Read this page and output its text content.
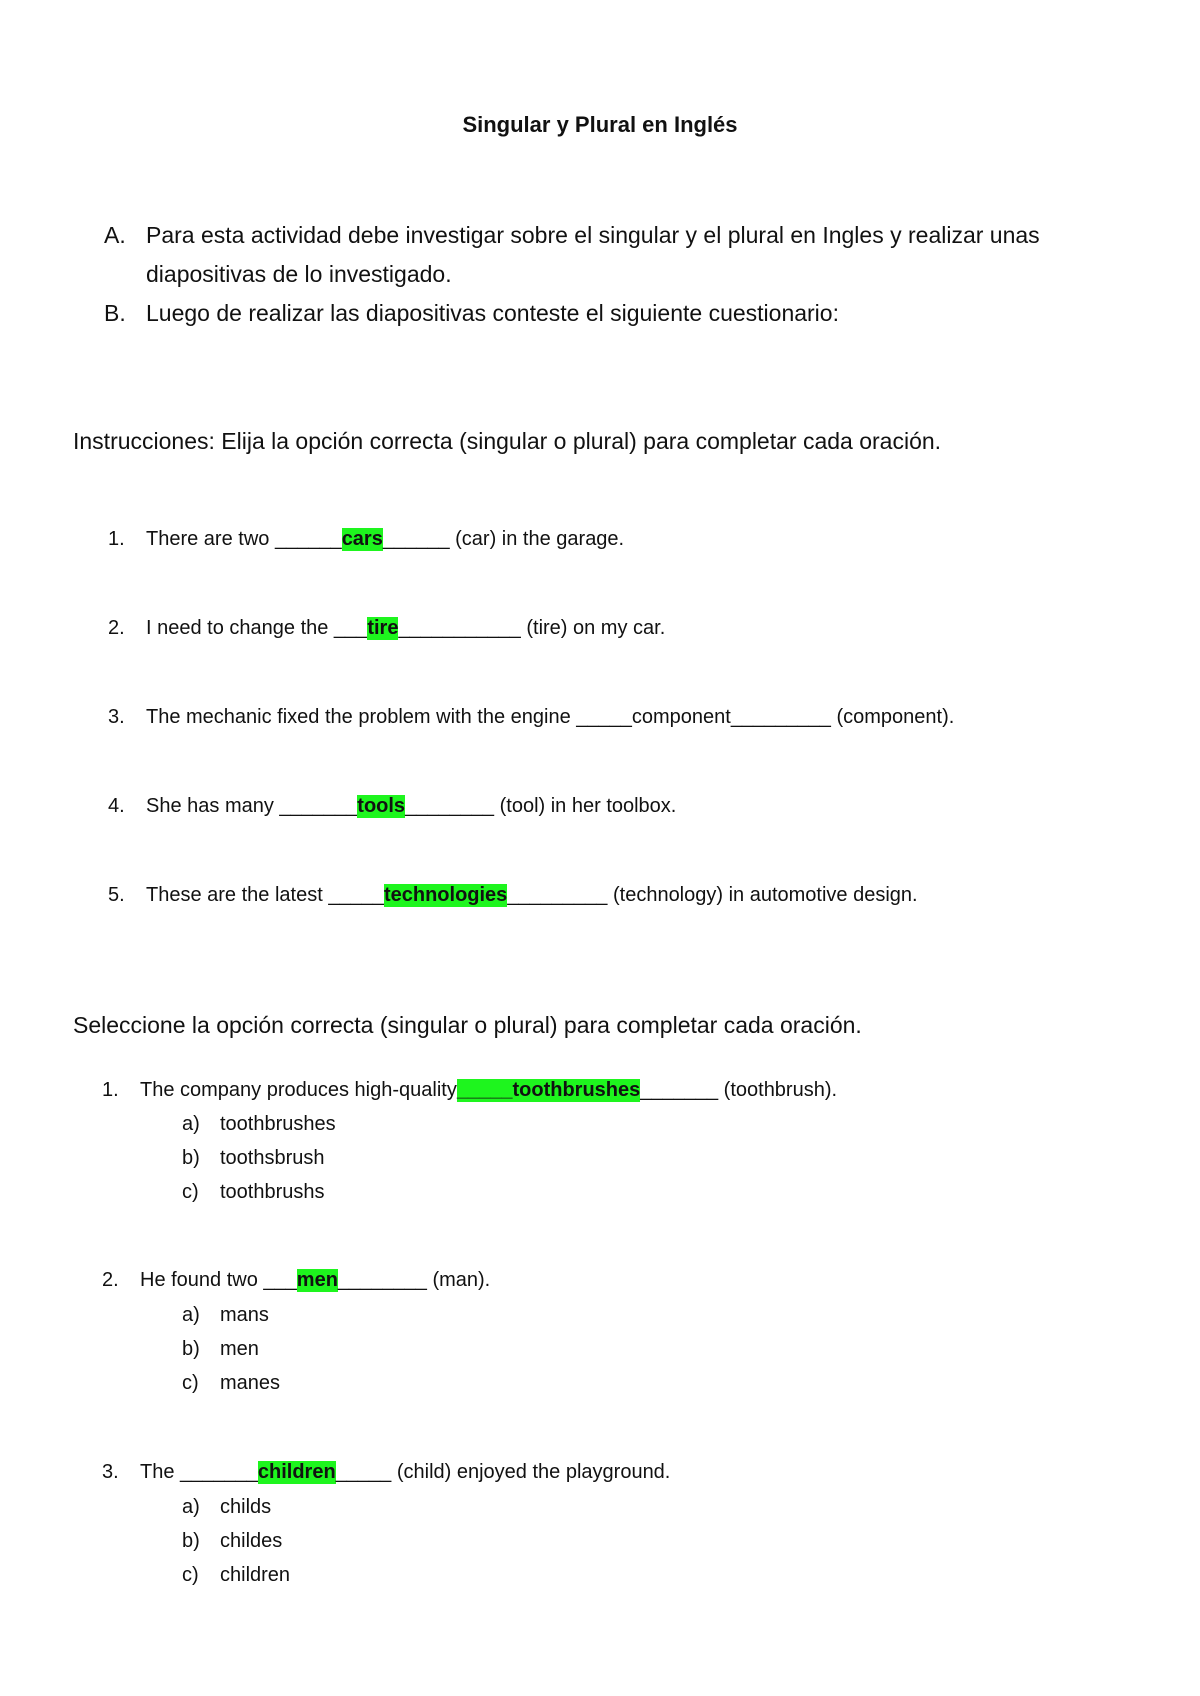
Singular y Plural en Inglés
A. Para esta actividad debe investigar sobre el singular y el plural en Ingles y realizar unas diapositivas de lo investigado.
B. Luego de realizar las diapositivas conteste el siguiente cuestionario:
Instrucciones: Elija la opción correcta (singular o plural) para completar cada oración.
1.	There are two ______ cars ______ (car) in the garage.
2.	I need to change the ___ tire ___________ (tire) on my car.
3.	The mechanic fixed the problem with the engine _____component_________ (component).
4.	She has many _______ tools ________ (tool) in her toolbox.
5.	These are the latest _____ technologies _________ (technology) in automotive design.
Seleccione la opción correcta (singular o plural) para completar cada oración.
1.	The company produces high-quality _____toothbrushes _______ (toothbrush).
a)	toothbrushes
b)	toothsbrush
c)	toothbrushs
2.	He found two ___ men ________ (man).
a)	mans
b)	men
c)	manes
3.	The _______ children _____ (child) enjoyed the playground.
a)	childs
b)	childes
c)	children
